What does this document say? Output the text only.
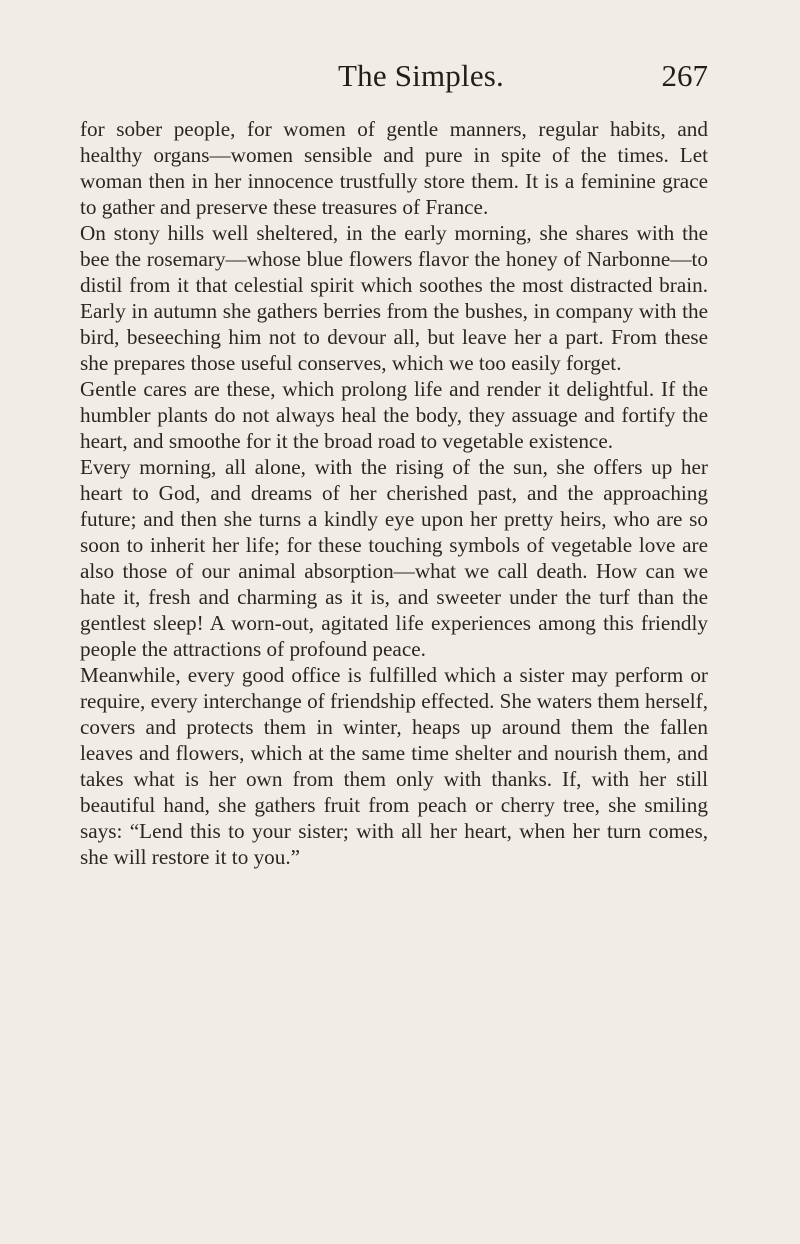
The Simples.	267

for sober people, for women of gentle manners, regular habits, and healthy organs—women sensible and pure in spite of the times. Let woman then in her innocence trustfully store them. It is a feminine grace to gather and preserve these treasures of France.

On stony hills well sheltered, in the early morning, she shares with the bee the rosemary—whose blue flowers flavor the honey of Narbonne—to distil from it that celestial spirit which soothes the most distracted brain. Early in autumn she gathers berries from the bushes, in company with the bird, beseeching him not to devour all, but leave her a part. From these she prepares those useful conserves, which we too easily forget.

Gentle cares are these, which prolong life and render it delightful. If the humbler plants do not always heal the body, they assuage and fortify the heart, and smoothe for it the broad road to vegetable existence.

Every morning, all alone, with the rising of the sun, she offers up her heart to God, and dreams of her cherished past, and the approaching future; and then she turns a kindly eye upon her pretty heirs, who are so soon to inherit her life; for these touching symbols of vegetable love are also those of our animal absorption—what we call death. How can we hate it, fresh and charming as it is, and sweeter under the turf than the gentlest sleep! A worn-out, agitated life experiences among this friendly people the attractions of profound peace.

Meanwhile, every good office is fulfilled which a sister may perform or require, every interchange of friendship effected. She waters them herself, covers and protects them in winter, heaps up around them the fallen leaves and flowers, which at the same time shelter and nourish them, and takes what is her own from them only with thanks. If, with her still beautiful hand, she gathers fruit from peach or cherry tree, she smiling says: “Lend this to your sister; with all her heart, when her turn comes, she will restore it to you.”
